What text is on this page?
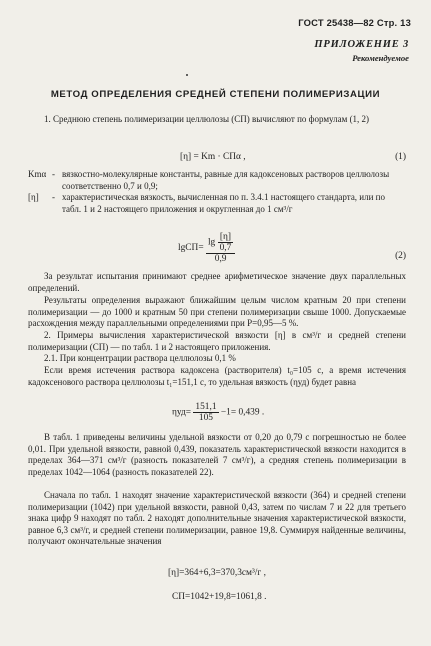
ГОСТ 25438—82 Стр. 13
ПРИЛОЖЕНИЕ 3
Рекомендуемое
МЕТОД ОПРЕДЕЛЕНИЯ СРЕДНЕЙ СТЕПЕНИ ПОЛИМЕРИЗАЦИИ
1. Среднюю степень полимеризации целлюлозы (СП) вычисляют по формулам (1, 2)
[η] = Km · СПα ,	(1)
Kmα - вязкостно-молекулярные константы, равные для кадоксеновых растворов целлюлозы соответственно 0,7 и 0,9;
[η]	- характеристическая вязкость, вычисленная по п. 3.4.1 настоящего стандарта, или по табл. 1 и 2 настоящего приложения и округленная до 1 см³/г
$\lg СП= \frac{\lg \frac{[\eta]}{0,7}}{0,9}$	(2)
За результат испытания принимают среднее арифметическое значение двух параллельных определений.
Результаты определения выражают ближайшим целым числом кратным 20 при степени полимеризации — до 1000 и кратным 50 при степени полимеризации свыше 1000. Допускаемые расхождения между параллельными определениями при P=0,95—5 %.
2. Примеры вычисления характеристической вязкости [η] в см³/г и средней степени полимеризации (СП) — по табл. 1 и 2 настоящего приложения.
2.1. При концентрации раствора целлюлозы 0,1 %
Если время истечения раствора кадоксена (растворителя) t₀=105 с, а время истечения кадоксенового раствора целлюлозы t₁=151,1 с, то удельная вязкость (ηуд) будет равна
$\eta уд= \frac{151,1}{105} -1= 0,439$ .
В табл. 1 приведены величины удельной вязкости от 0,20 до 0,79 с погрешностью не более 0,01. При удельной вязкости, равной 0,439, показатель характеристической вязкости находится в пределах 364—371 см³/г (разность показателей 7 см³/г), а средняя степень полимеризации в пределах 1042—1064 (разность показателей 22).
Сначала по табл. 1 находят значение характеристической вязкости (364) и средней степени полимеризации (1042) при удельной вязкости, равной 0,43, затем по числам 7 и 22 для третьего знака цифр 9 находят по табл. 2 находят дополнительные значения характеристической вязкости, равное 6,3 см³/г, и средней степени полимеризации, равное 19,8. Суммируя найденные величины, получают окончательные значения
[η]=364+6,3=370,3см³/г ,
СП=1042+19,8=1061,8 .
